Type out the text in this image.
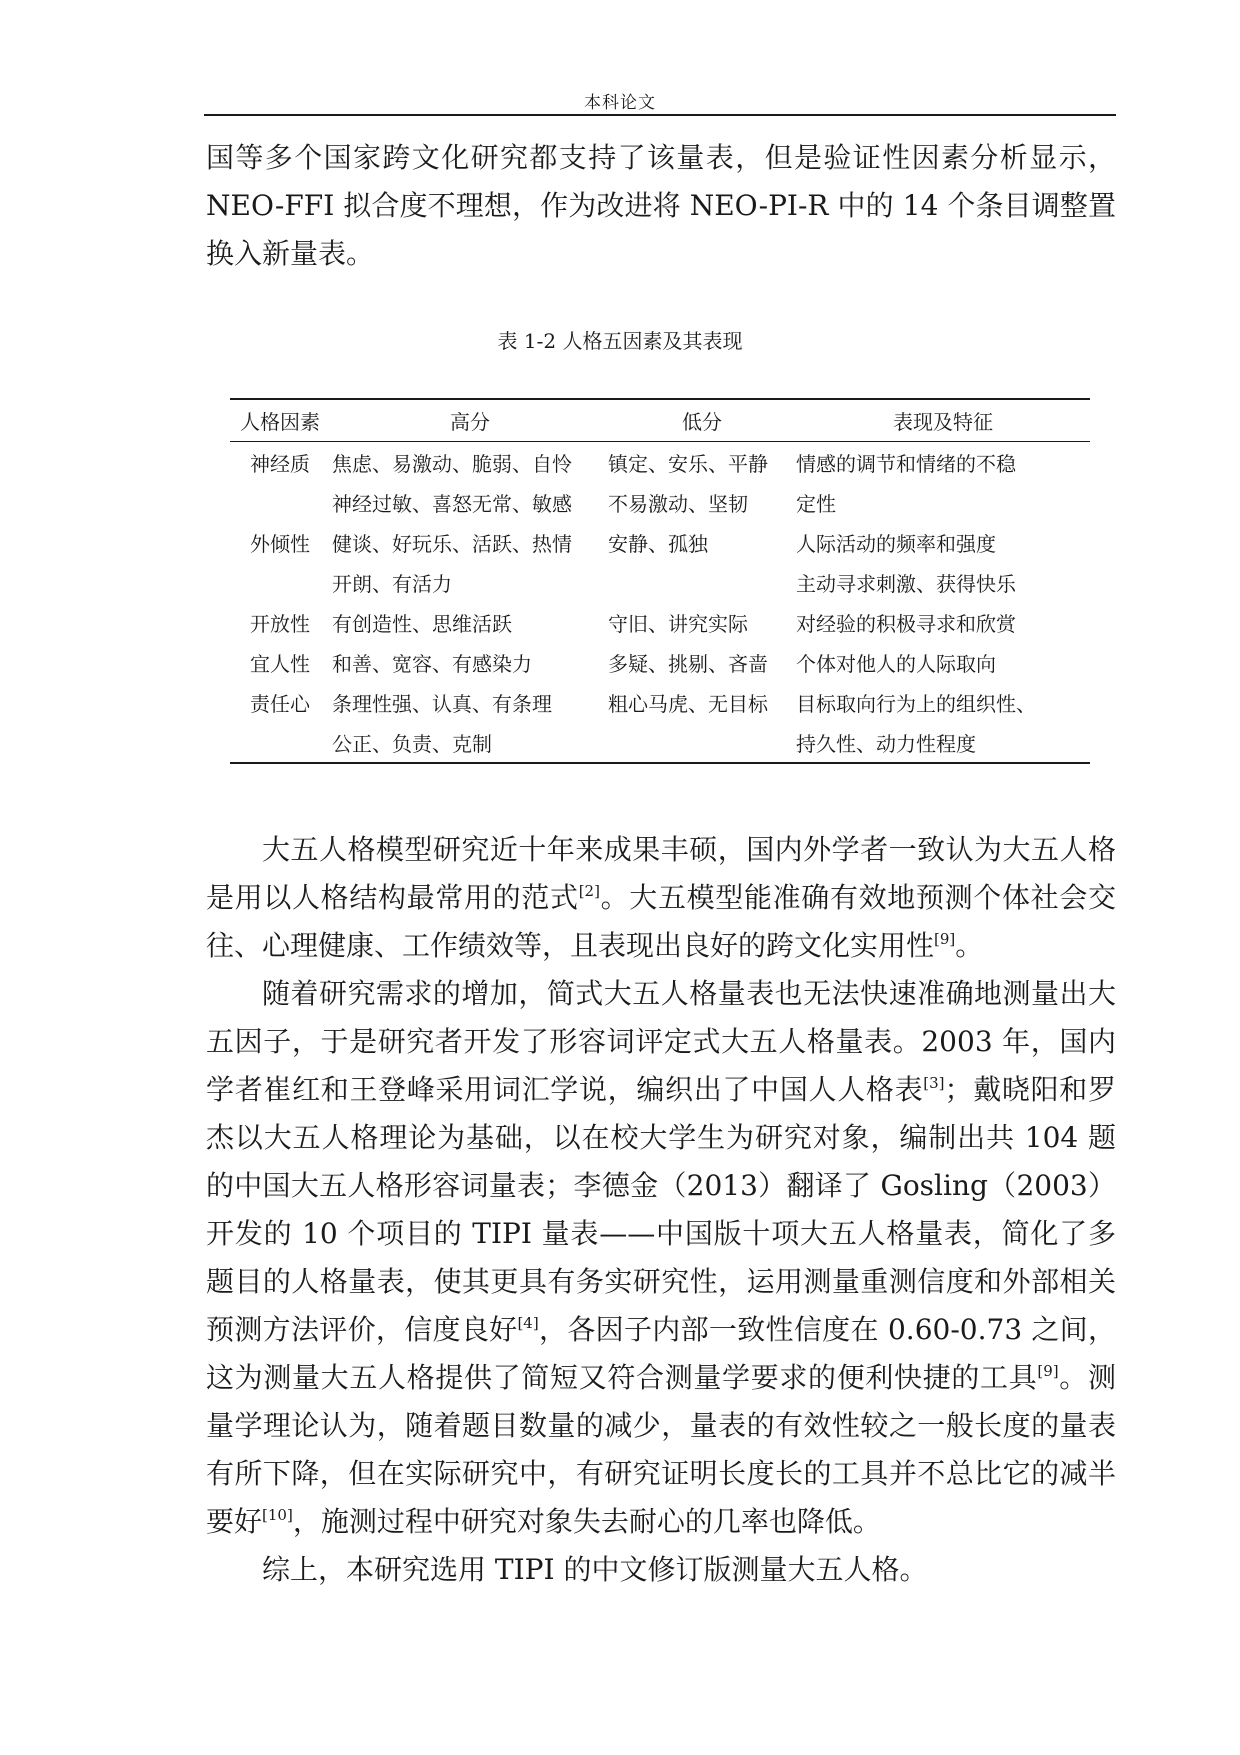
本科论文

国等多个国家跨文化研究都支持了该量表，但是验证性因素分析显示，NEO-FFI 拟合度不理想，作为改进将 NEO-PI-R 中的 14 个条目调整置换入新量表。

表 1-2 人格五因素及其表现
人格因素	高分	低分	表现及特征
神经质	焦虑、易激动、脆弱、自怜	镇定、安乐、平静	情感的调节和情绪的不稳
	神经过敏、喜怒无常、敏感	不易激动、坚韧	定性
外倾性	健谈、好玩乐、活跃、热情	安静、孤独	人际活动的频率和强度
	开朗、有活力		主动寻求刺激、获得快乐
开放性	有创造性、思维活跃	守旧、讲究实际	对经验的积极寻求和欣赏
宜人性	和善、宽容、有感染力	多疑、挑剔、吝啬	个体对他人的人际取向
责任心	条理性强、认真、有条理	粗心马虎、无目标	目标取向行为上的组织性、
	公正、负责、克制		持久性、动力性程度

大五人格模型研究近十年来成果丰硕，国内外学者一致认为大五人格是用以人格结构最常用的范式[2]。大五模型能准确有效地预测个体社会交往、心理健康、工作绩效等，且表现出良好的跨文化实用性[9]。

随着研究需求的增加，简式大五人格量表也无法快速准确地测量出大五因子，于是研究者开发了形容词评定式大五人格量表。2003 年，国内学者崔红和王登峰采用词汇学说，编织出了中国人人格表[3]；戴晓阳和罗杰以大五人格理论为基础，以在校大学生为研究对象，编制出共 104 题的中国大五人格形容词量表；李德金（2013）翻译了 Gosling（2003）开发的 10 个项目的 TIPI 量表——中国版十项大五人格量表，简化了多题目的人格量表，使其更具有务实研究性，运用测量重测信度和外部相关预测方法评价，信度良好[4]，各因子内部一致性信度在 0.60-0.73 之间，这为测量大五人格提供了简短又符合测量学要求的便利快捷的工具[9]。测量学理论认为，随着题目数量的减少，量表的有效性较之一般长度的量表有所下降，但在实际研究中，有研究证明长度长的工具并不总比它的减半要好[10]，施测过程中研究对象失去耐心的几率也降低。

综上，本研究选用 TIPI 的中文修订版测量大五人格。
